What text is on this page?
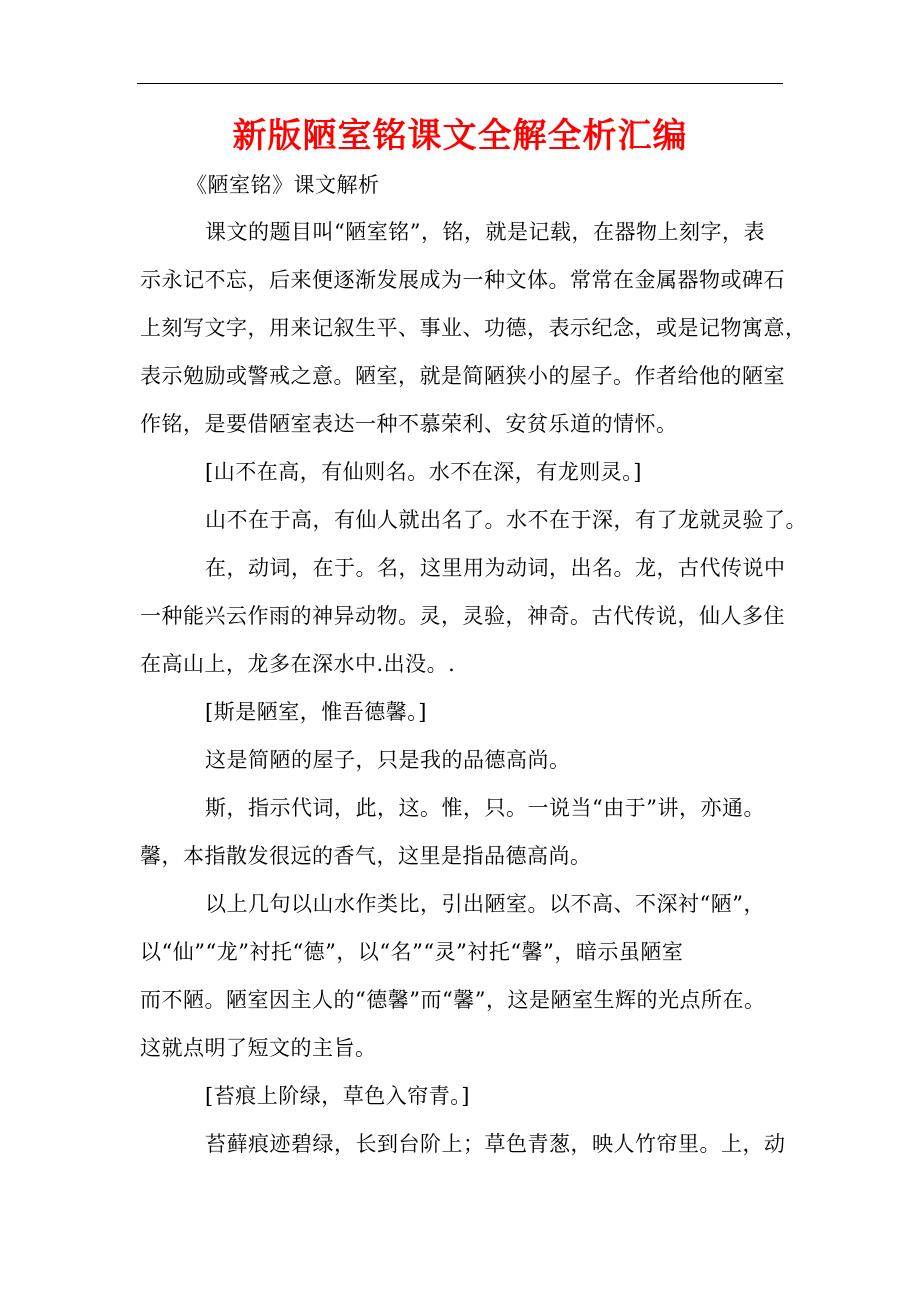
新版陋室铭课文全解全析汇编
《陋室铭》课文解析
课文的题目叫“陋室铭”，铭，就是记载，在器物上刻字，表
示永记不忘，后来便逐渐发展成为一种文体。常常在金属器物或碑石
上刻写文字，用来记叙生平、事业、功德，表示纪念，或是记物寓意，
表示勉励或警戒之意。陋室，就是简陋狭小的屋子。作者给他的陋室
作铭，是要借陋室表达一种不慕荣利、安贫乐道的情怀。
[山不在高，有仙则名。水不在深，有龙则灵。]
山不在于高，有仙人就出名了。水不在于深，有了龙就灵验了。
在，动词，在于。名，这里用为动词，出名。龙，古代传说中
一种能兴云作雨的神异动物。灵，灵验，神奇。古代传说，仙人多住
在高山上，龙多在深水中.出没。.
[斯是陋室，惟吾德馨。]
这是简陋的屋子，只是我的品德高尚。
斯，指示代词，此，这。惟，只。一说当“由于”讲，亦通。
馨，本指散发很远的香气，这里是指品德高尚。
以上几句以山水作类比，引出陋室。以不高、不深衬“陋”，
以“仙”“龙”衬托“德”，以“名”“灵”衬托“馨”，暗示虽陋室
而不陋。陋室因主人的“德馨”而“馨”，这是陋室生辉的光点所在。
这就点明了短文的主旨。
[苔痕上阶绿，草色入帘青。]
苔藓痕迹碧绿，长到台阶上；草色青葱，映人竹帘里。上，动
